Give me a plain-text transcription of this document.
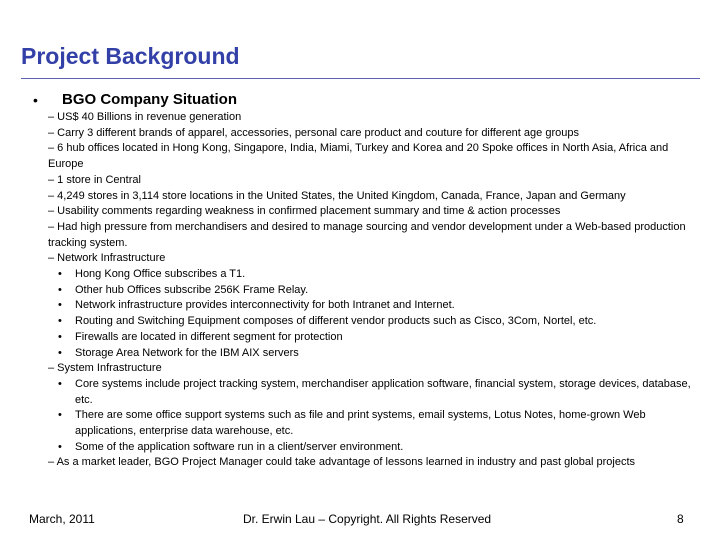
Project Background
• BGO Company Situation
– US$ 40 Billions in revenue generation
– Carry 3 different brands of apparel, accessories, personal care product and couture for different age groups
– 6 hub offices located in Hong Kong, Singapore, India, Miami, Turkey and Korea and 20 Spoke offices in North Asia, Africa and Europe
– 1 store in Central
– 4,249 stores in 3,114 store locations in the United States, the United Kingdom, Canada, France, Japan and Germany
– Usability comments regarding weakness in confirmed placement summary and time & action processes
– Had high pressure from merchandisers and desired to manage sourcing and vendor development under a Web-based production tracking system.
– Network Infrastructure
• Hong Kong Office subscribes a T1.
• Other hub Offices subscribe 256K Frame Relay.
• Network infrastructure provides interconnectivity for both Intranet and Internet.
• Routing and Switching Equipment composes of different vendor products such as Cisco, 3Com, Nortel, etc.
• Firewalls are located in different segment for protection
• Storage Area Network for the IBM AIX servers
– System Infrastructure
• Core systems include project tracking system, merchandiser application software, financial system, storage devices, database, etc.
• There are some office support systems such as file and print systems, email systems, Lotus Notes, home-grown Web applications, enterprise data warehouse, etc.
• Some of the application software run in a client/server environment.
– As a market leader, BGO Project Manager could take advantage of lessons learned in industry and past global projects
March, 2011	Dr. Erwin Lau – Copyright. All Rights Reserved	8
